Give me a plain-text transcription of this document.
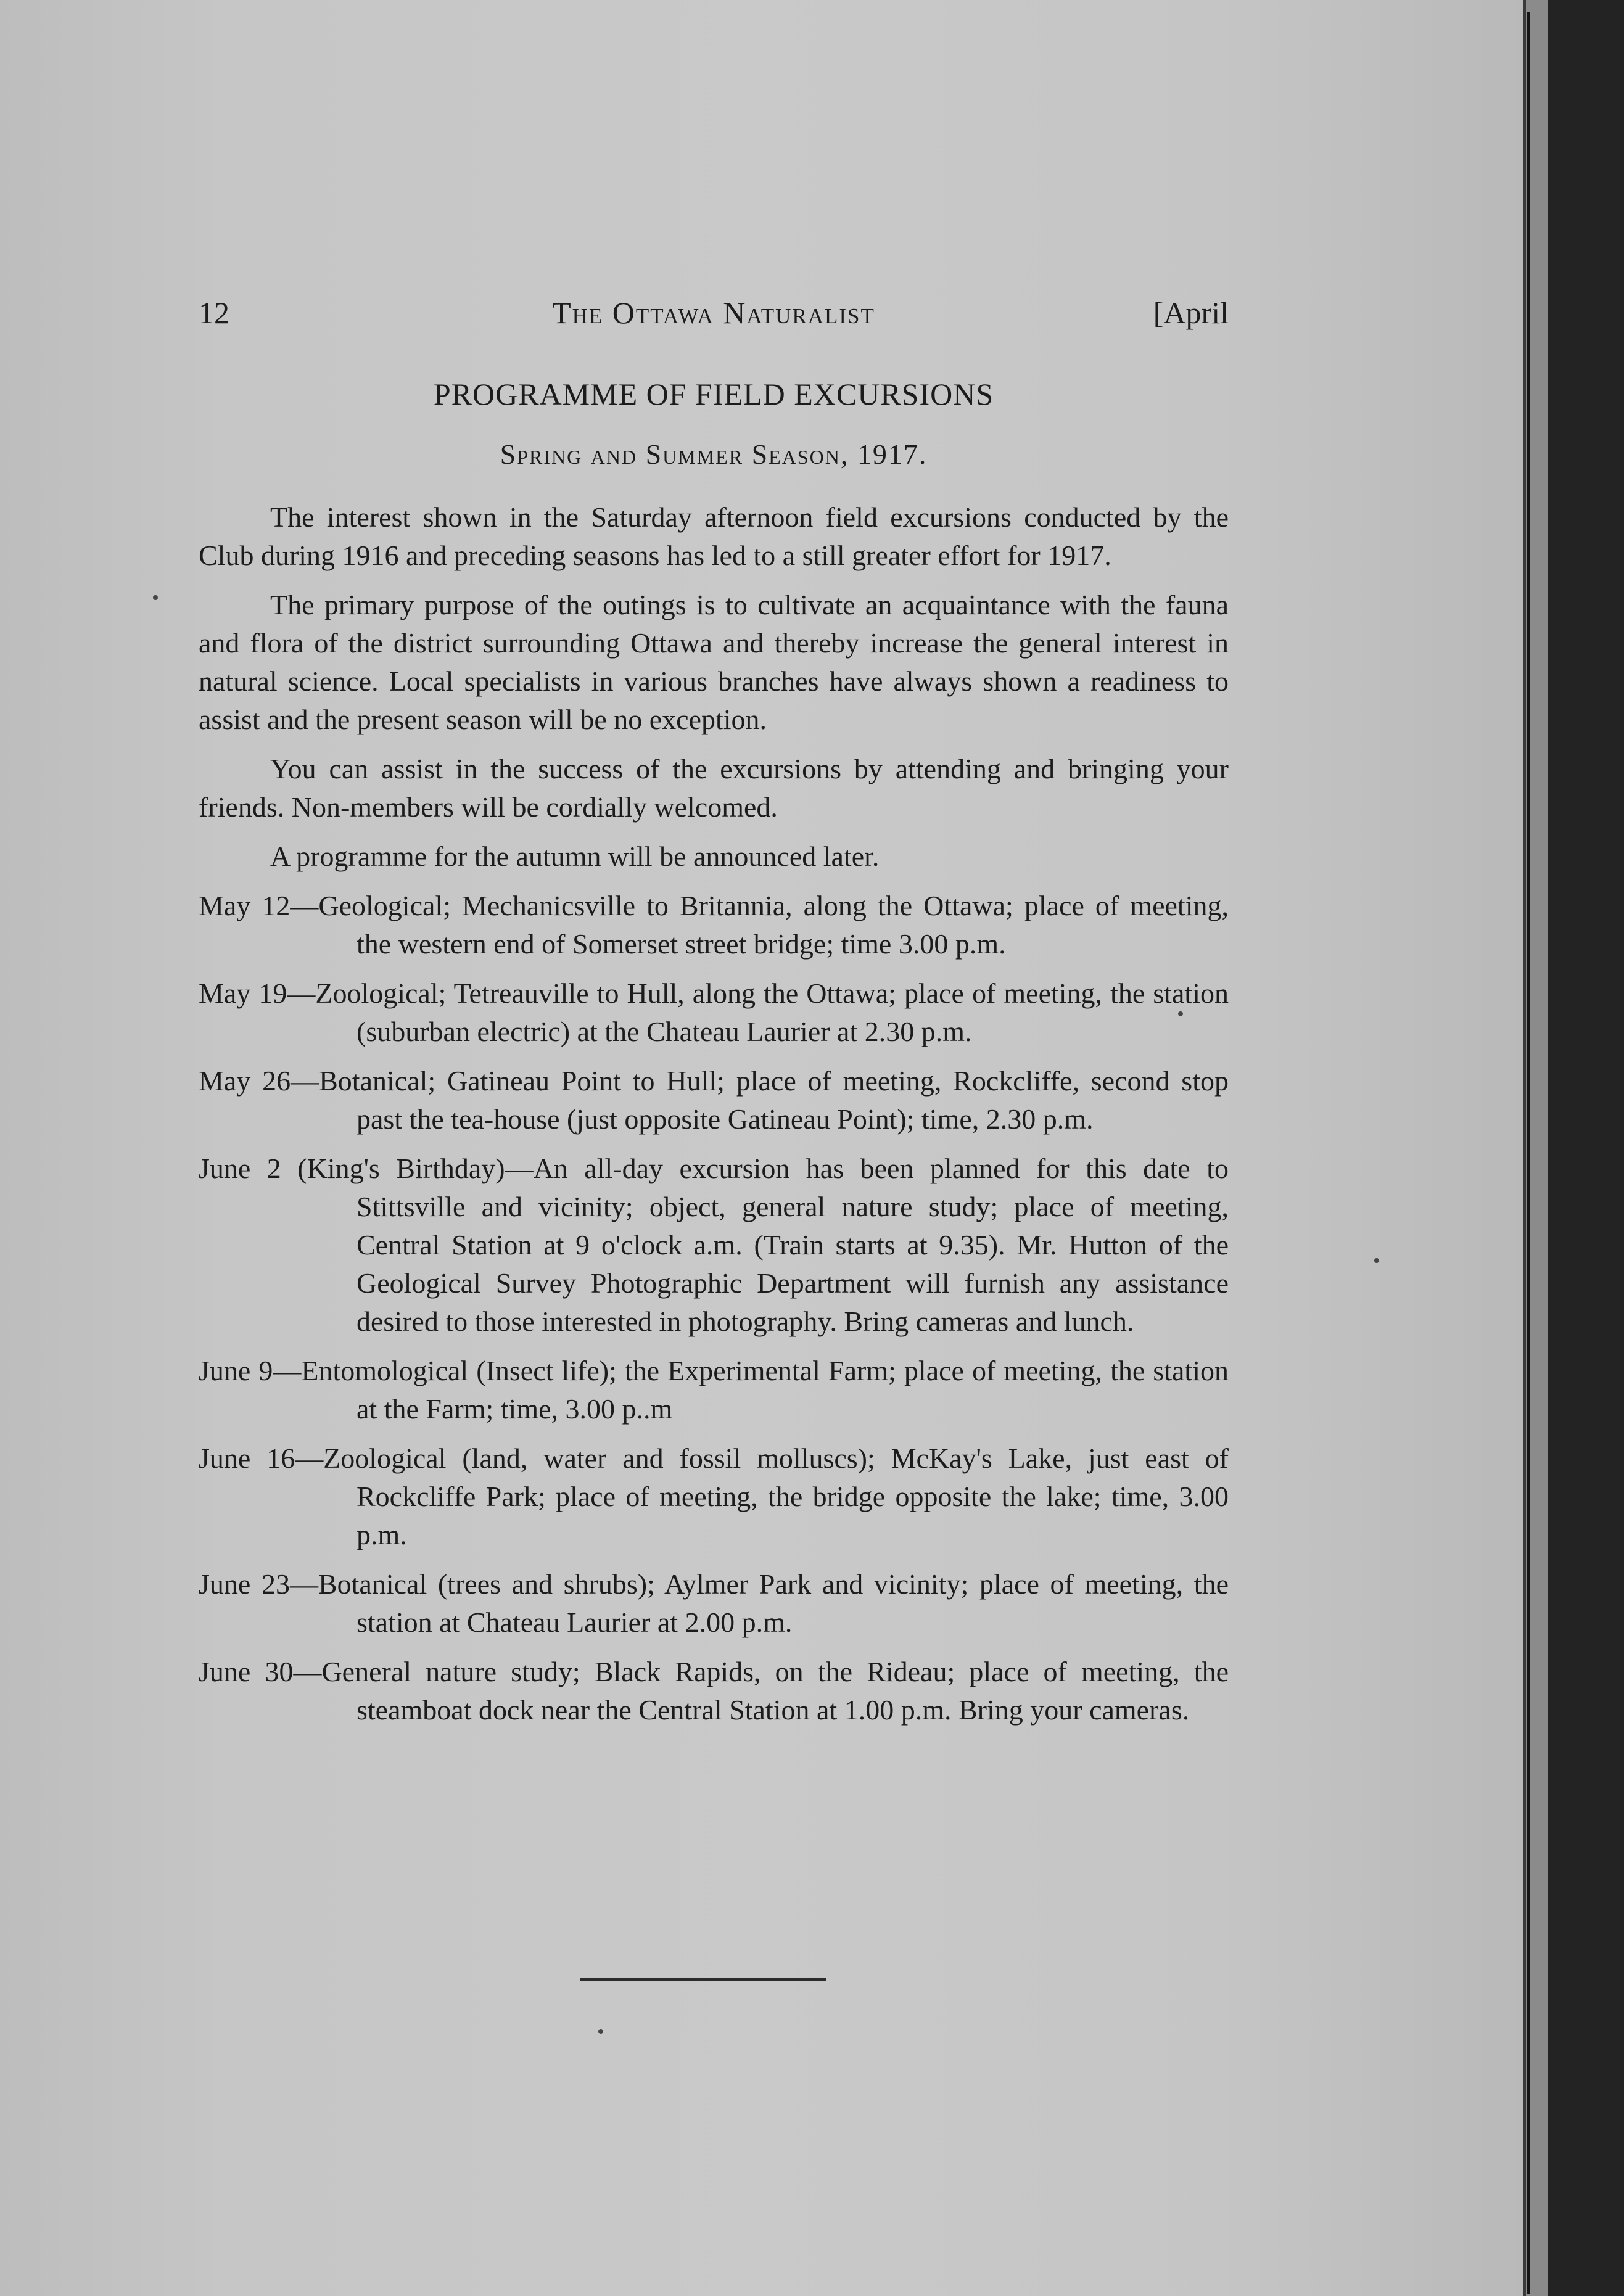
12	The Ottawa Naturalist	[April
PROGRAMME OF FIELD EXCURSIONS
Spring and Summer Season, 1917.

The interest shown in the Saturday afternoon field excursions conducted by the Club during 1916 and preceding seasons has led to a still greater effort for 1917.

The primary purpose of the outings is to cultivate an acquaintance with the fauna and flora of the district surrounding Ottawa and thereby increase the general interest in natural science. Local specialists in various branches have always shown a readiness to assist and the present season will be no exception.

You can assist in the success of the excursions by attending and bringing your friends. Non-members will be cordially welcomed.

A programme for the autumn will be announced later.

May 12—Geological; Mechanicsville to Britannia, along the Ottawa; place of meeting, the western end of Somerset street bridge; time 3.00 p.m.

May 19—Zoological; Tetreauville to Hull, along the Ottawa; place of meeting, the station (suburban electric) at the Chateau Laurier at 2.30 p.m.

May 26—Botanical; Gatineau Point to Hull; place of meeting, Rockcliffe, second stop past the tea-house (just opposite Gatineau Point); time, 2.30 p.m.

June 2 (King's Birthday)—An all-day excursion has been planned for this date to Stittsville and vicinity; object, general nature study; place of meeting, Central Station at 9 o'clock a.m. (Train starts at 9.35). Mr. Hutton of the Geological Survey Photographic Department will furnish any assistance desired to those interested in photography. Bring cameras and lunch.

June 9—Entomological (Insect life); the Experimental Farm; place of meeting, the station at the Farm; time, 3.00 p..m

June 16—Zoological (land, water and fossil molluscs); McKay's Lake, just east of Rockcliffe Park; place of meeting, the bridge opposite the lake; time, 3.00 p.m.

June 23—Botanical (trees and shrubs); Aylmer Park and vicinity; place of meeting, the station at Chateau Laurier at 2.00 p.m.

June 30—General nature study; Black Rapids, on the Rideau; place of meeting, the steamboat dock near the Central Station at 1.00 p.m. Bring your cameras.
